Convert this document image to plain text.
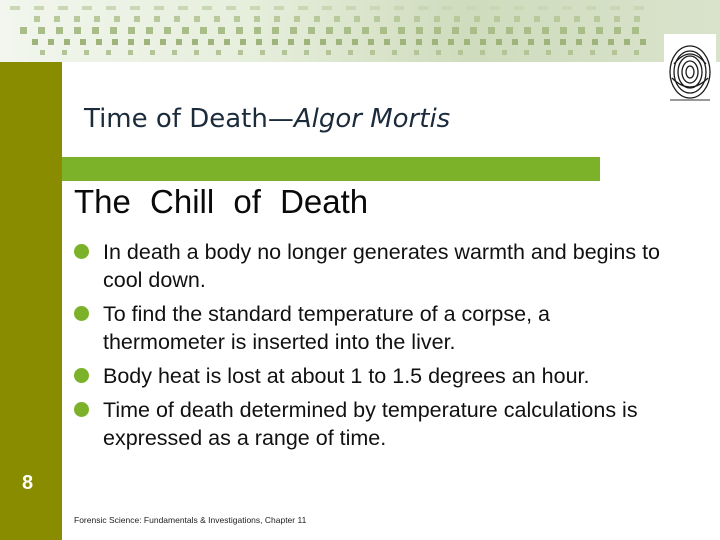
Time of Death—Algor Mortis
The Chill of Death
In death a body no longer generates warmth and begins to cool down.
To find the standard temperature of a corpse, a thermometer is inserted into the liver.
Body heat is lost at about 1 to 1.5 degrees an hour.
Time of death determined by temperature calculations is expressed as a range of time.
8
Forensic Science: Fundamentals & Investigations, Chapter 11
